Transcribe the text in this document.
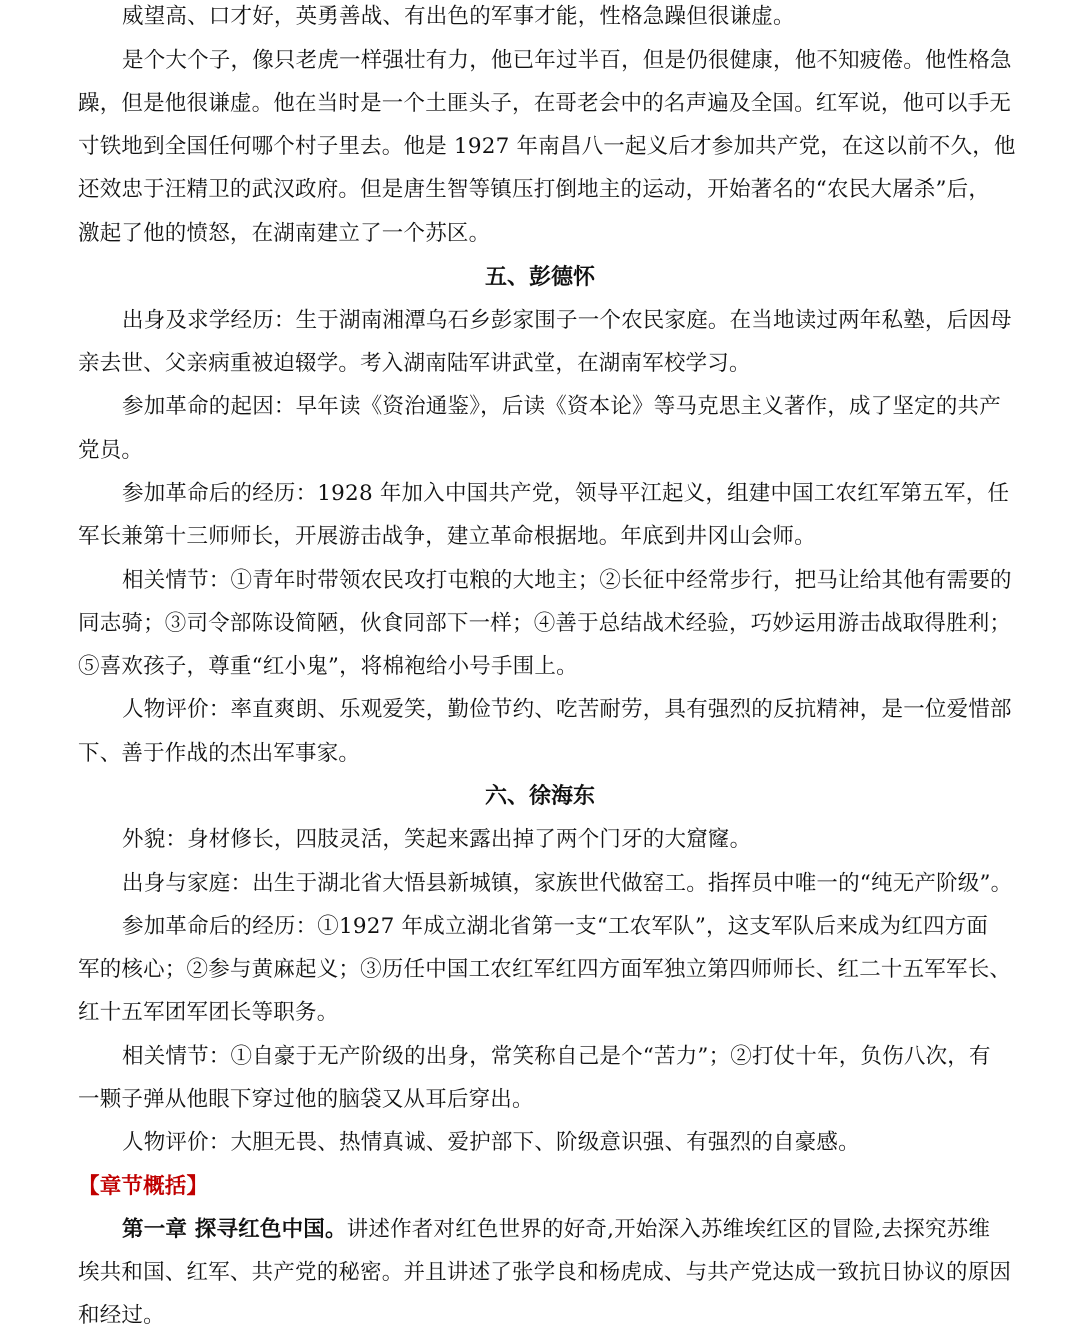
威望高、口才好，英勇善战、有出色的军事才能，性格急躁但很谦虚。
是个大个子，像只老虎一样强壮有力，他已年过半百，但是仍很健康，他不知疲倦。他性格急
躁，但是他很谦虚。他在当时是一个土匪头子，在哥老会中的名声遍及全国。红军说，他可以手无
寸铁地到全国任何哪个村子里去。他是 1927 年南昌八一起义后才参加共产党，在这以前不久，他
还效忠于汪精卫的武汉政府。但是唐生智等镇压打倒地主的运动，开始著名的“农民大屠杀”后，
激起了他的愤怒，在湖南建立了一个苏区。
五、彭德怀
出身及求学经历：生于湖南湘潭乌石乡彭家围子一个农民家庭。在当地读过两年私塾，后因母
亲去世、父亲病重被迫辍学。考入湖南陆军讲武堂，在湖南军校学习。
参加革命的起因：早年读《资治通鉴》，后读《资本论》等马克思主义著作，成了坚定的共产
党员。
参加革命后的经历：1928 年加入中国共产党，领导平江起义，组建中国工农红军第五军，任
军长兼第十三师师长，开展游击战争，建立革命根据地。年底到井冈山会师。
相关情节：①青年时带领农民攻打屯粮的大地主；②长征中经常步行，把马让给其他有需要的
同志骑；③司令部陈设简陋，伙食同部下一样；④善于总结战术经验，巧妙运用游击战取得胜利；
⑤喜欢孩子，尊重“红小鬼”，将棉袍给小号手围上。
人物评价：率直爽朗、乐观爱笑，勤俭节约、吃苦耐劳，具有强烈的反抗精神，是一位爱惜部
下、善于作战的杰出军事家。
六、徐海东
外貌：身材修长，四肢灵活，笑起来露出掉了两个门牙的大窟窿。
出身与家庭：出生于湖北省大悟县新城镇，家族世代做窑工。指挥员中唯一的“纯无产阶级”。
参加革命后的经历：①1927 年成立湖北省第一支“工农军队”，这支军队后来成为红四方面
军的核心；②参与黄麻起义；③历任中国工农红军红四方面军独立第四师师长、红二十五军军长、
红十五军团军团长等职务。
相关情节：①自豪于无产阶级的出身，常笑称自己是个“苦力”；②打仗十年，负伤八次，有
一颗子弹从他眼下穿过他的脑袋又从耳后穿出。
人物评价：大胆无畏、热情真诚、爱护部下、阶级意识强、有强烈的自豪感。
【章节概括】
第一章 探寻红色中国。讲述作者对红色世界的好奇,开始深入苏维埃红区的冒险,去探究苏维
埃共和国、红军、共产党的秘密。并且讲述了张学良和杨虎成、与共产党达成一致抗日协议的原因
和经过。
